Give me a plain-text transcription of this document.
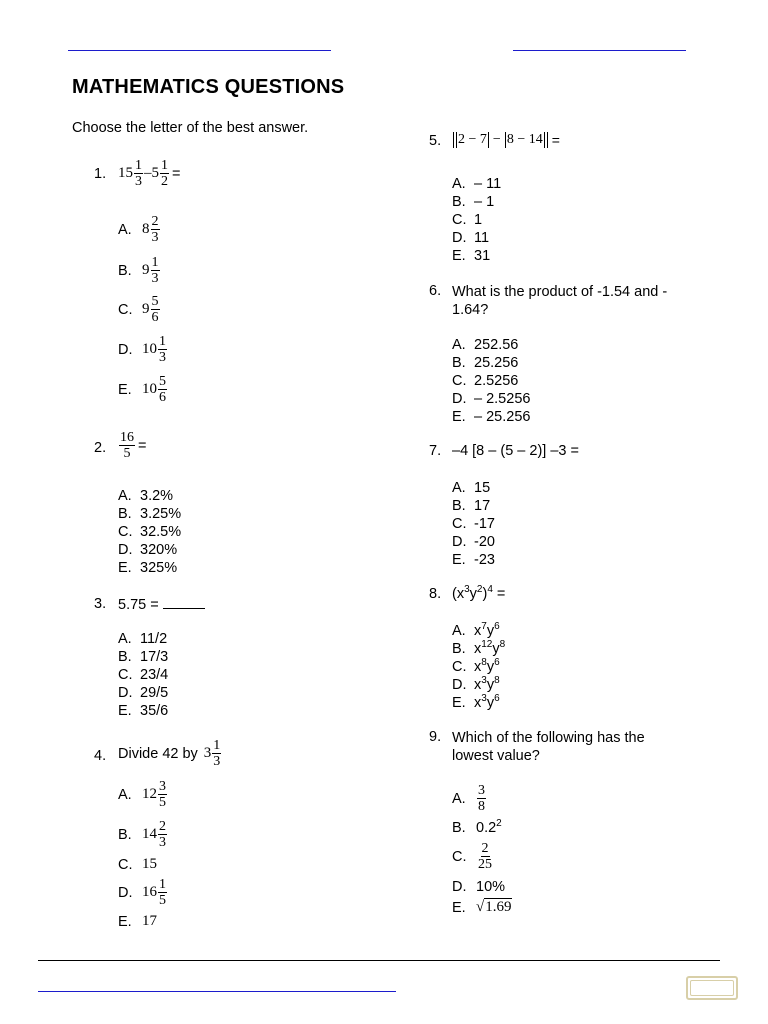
MATHEMATICS QUESTIONS
Choose the letter of the best answer.
1. $15 \frac{1}{3} - 5 \frac{1}{2}$ =
A. $8 \frac{2}{3}$
B. $9 \frac{1}{3}$
C. $9 \frac{5}{6}$
D. $10 \frac{1}{3}$
E. $10 \frac{5}{6}$
2. $\frac{16}{5}$ =
A. 3.2%
B. 3.25%
C. 32.5%
D. 320%
E. 325%
3. 5.75 =
A. 11/2
B. 17/3
C. 23/4
D. 29/5
E. 35/6
4. Divide 42 by $3 \frac{1}{3}$
A. $12 \frac{3}{5}$
B. $14 \frac{2}{3}$
C. 15
D. $16 \frac{1}{5}$
E. 17
5. 2 − 7 − 8 − 14 =
A. – 11
B. – 1
C. 1
D. 11
E. 31
6. What is the product of -1.54 and -
1.64?
A. 252.56
B. 25.256
C. 2.5256
D. – 2.5256
E. – 25.256
7. –4 [8 – (5 – 2)] –3 =
A. 15
B. 17
C. -17
D. -20
E. -23
8. $(x^3y^2)^4$ =
A. $x^7y^6$
B. $x^{12}y^8$
C. $x^8y^6$
D. $x^3y^8$
E. $x^3y^6$
9. Which of the following has the
lowest value?
A. $\frac{3}{8}$
B. $0.2^2$
C. $\frac{2}{25}$
D. 10%
E. √1.69
